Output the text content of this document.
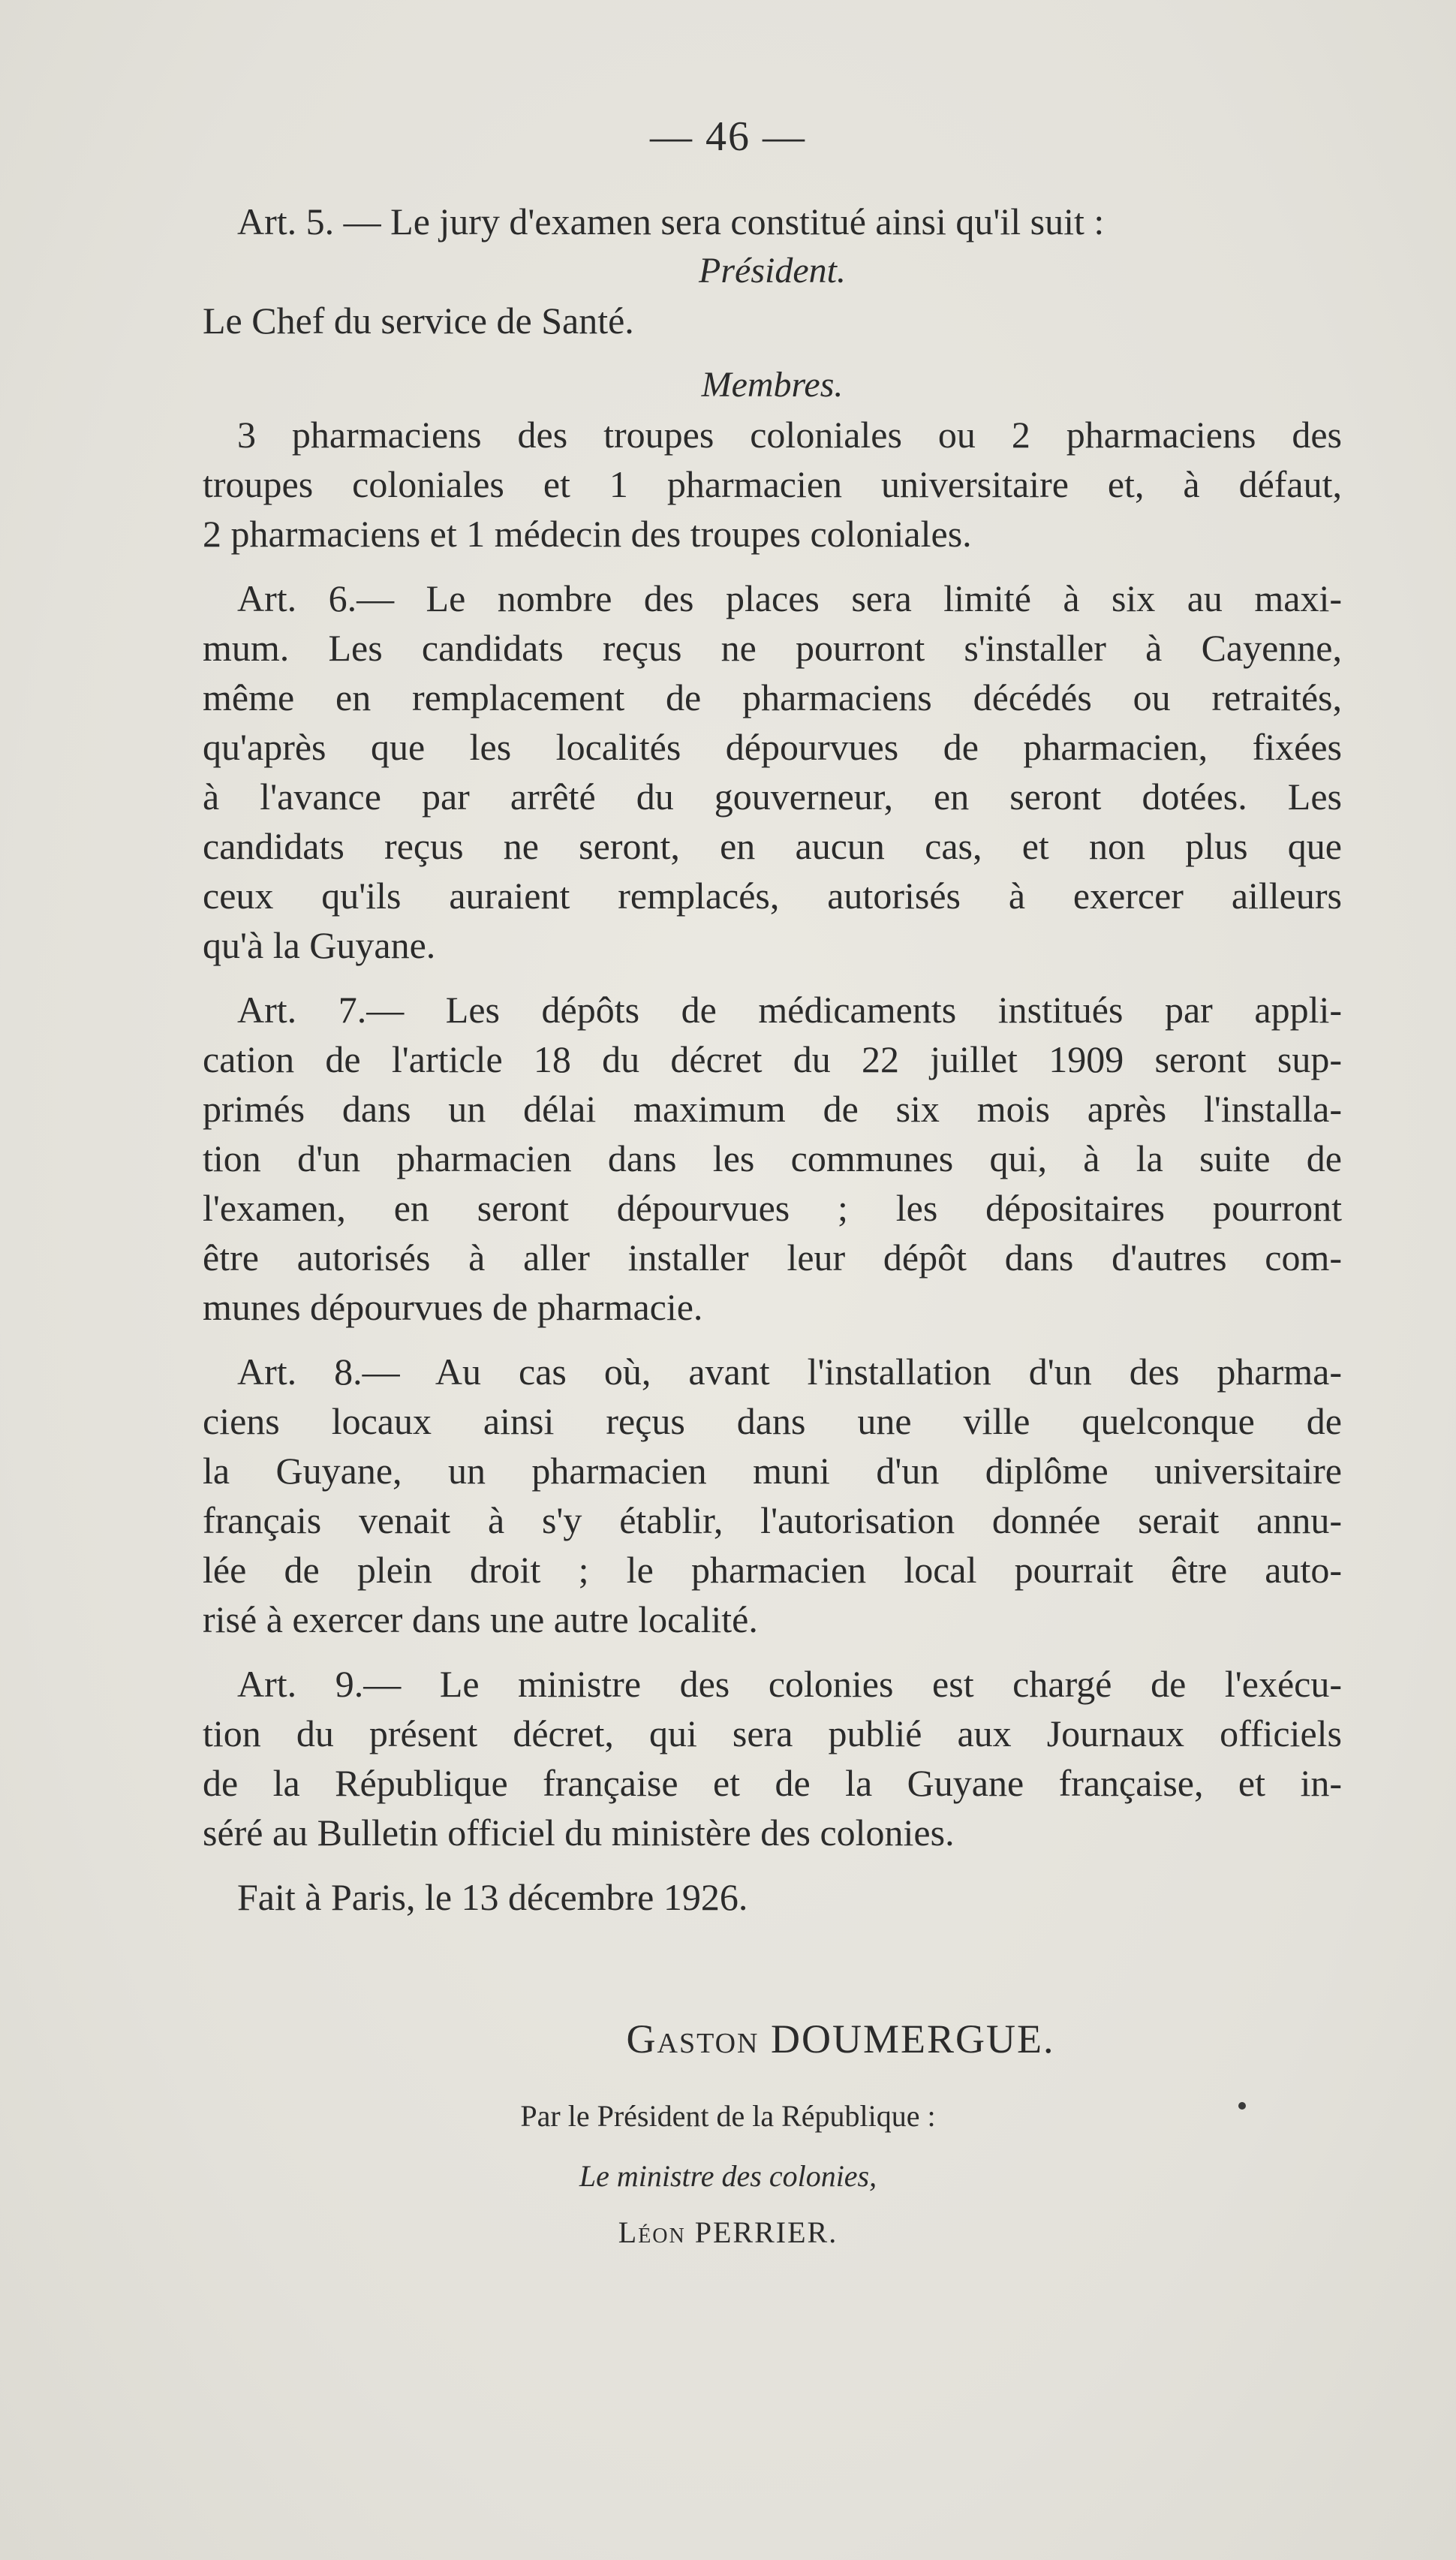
— 46 —
Art. 5. — Le jury d'examen sera constitué ainsi qu'il suit :
Président.
Le Chef du service de Santé.
Membres.
3 pharmaciens des troupes coloniales ou 2 pharmaciens des
troupes coloniales et 1 pharmacien universitaire et, à défaut,
2 pharmaciens et 1 médecin des troupes coloniales.
Art. 6.— Le nombre des places sera limité à six au maxi-
mum. Les candidats reçus ne pourront s'installer à Cayenne,
même en remplacement de pharmaciens décédés ou retraités,
qu'après que les localités dépourvues de pharmacien, fixées
à l'avance par arrêté du gouverneur, en seront dotées. Les
candidats reçus ne seront, en aucun cas, et non plus que
ceux qu'ils auraient remplacés, autorisés à exercer ailleurs
qu'à la Guyane.
Art. 7.— Les dépôts de médicaments institués par appli-
cation de l'article 18 du décret du 22 juillet 1909 seront sup-
primés dans un délai maximum de six mois après l'installa-
tion d'un pharmacien dans les communes qui, à la suite de
l'examen, en seront dépourvues ; les dépositaires pourront
être autorisés à aller installer leur dépôt dans d'autres com-
munes dépourvues de pharmacie.
Art. 8.— Au cas où, avant l'installation d'un des pharma-
ciens locaux ainsi reçus dans une ville quelconque de
la Guyane, un pharmacien muni d'un diplôme universitaire
français venait à s'y établir, l'autorisation donnée serait annu-
lée de plein droit ; le pharmacien local pourrait être auto-
risé à exercer dans une autre localité.
Art. 9.— Le ministre des colonies est chargé de l'exécu-
tion du présent décret, qui sera publié aux Journaux officiels
de la République française et de la Guyane française, et in-
séré au Bulletin officiel du ministère des colonies.
Fait à Paris, le 13 décembre 1926.
Gaston DOUMERGUE.
Par le Président de la République :
Le ministre des colonies,
Léon PERRIER.
